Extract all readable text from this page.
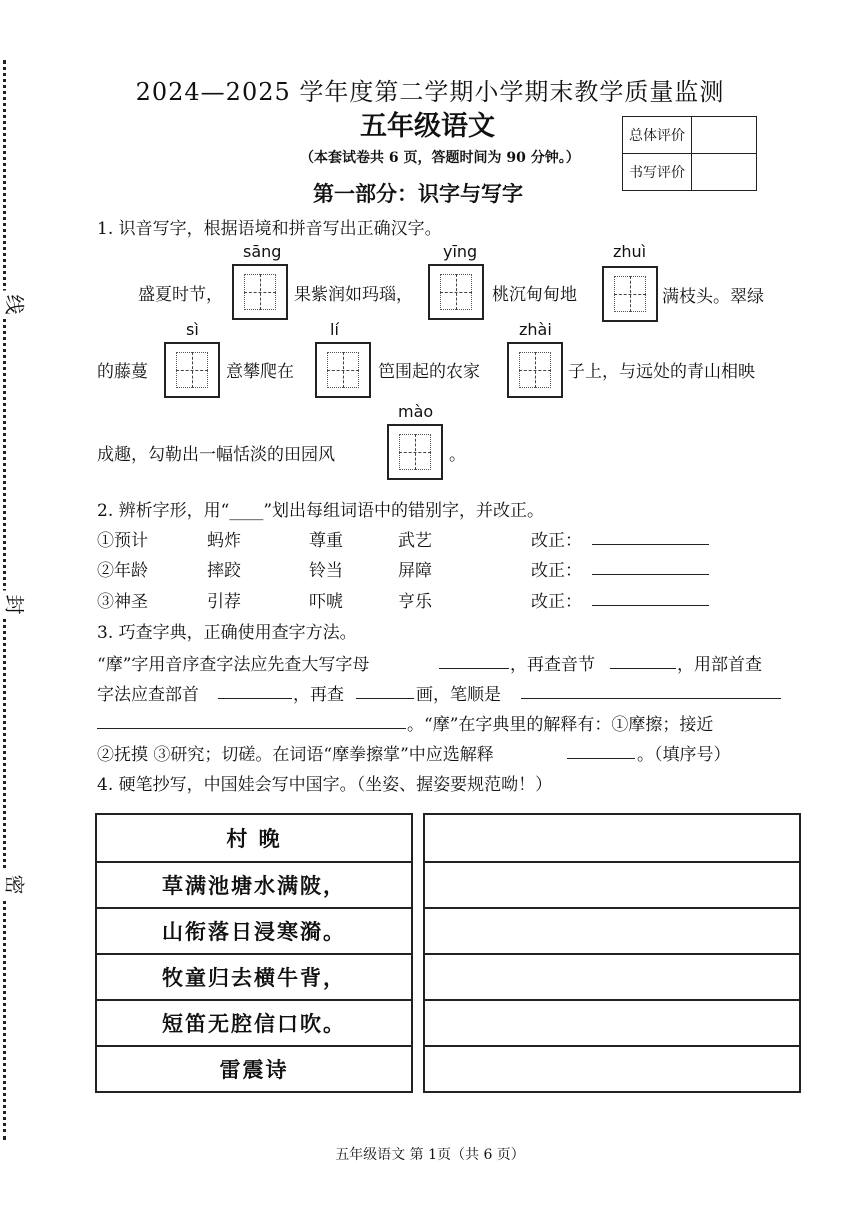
线
封
密
2024—2025 学年度第二学期小学期末教学质量监测
五年级语文
（本套试卷共 6 页，答题时间为 90 分钟。）
总体评价	
书写评价	
第一部分：识字与写字
1. 识音写字，根据语境和拼音写出正确汉字。
sāng	yīng	zhuì
盛夏时节，	果紫润如玛瑙，	桃沉甸甸地	满枝头。翠绿
sì	lí	zhài
的藤蔓	意攀爬在	笆围起的农家	子上，与远处的青山相映
mào
成趣，勾勒出一幅恬淡的田园风	。
2. 辨析字形，用“____”划出每组词语中的错别字，并改正。
①预计	蚂炸	尊重	武艺	改正：
②年龄	摔跤	铃当	屏障	改正：
③神圣	引荐	吓唬	亨乐	改正：
3. 巧查字典，正确使用查字方法。
“摩”字用音序查字法应先查大写字母	，再查音节	，用部首查
字法应查部首	，再查	画，笔顺是
。“摩”在字典里的解释有：①摩擦；接近
②抚摸 ③研究；切磋。在词语“摩拳擦掌”中应选解释	。（填序号）
4. 硬笔抄写，中国娃会写中国字。（坐姿、握姿要规范呦！）
村 晚
草满池塘水满陂，
山衔落日浸寒漪。
牧童归去横牛背，
短笛无腔信口吹。
雷震诗
五年级语文 第 1页（共 6 页）
